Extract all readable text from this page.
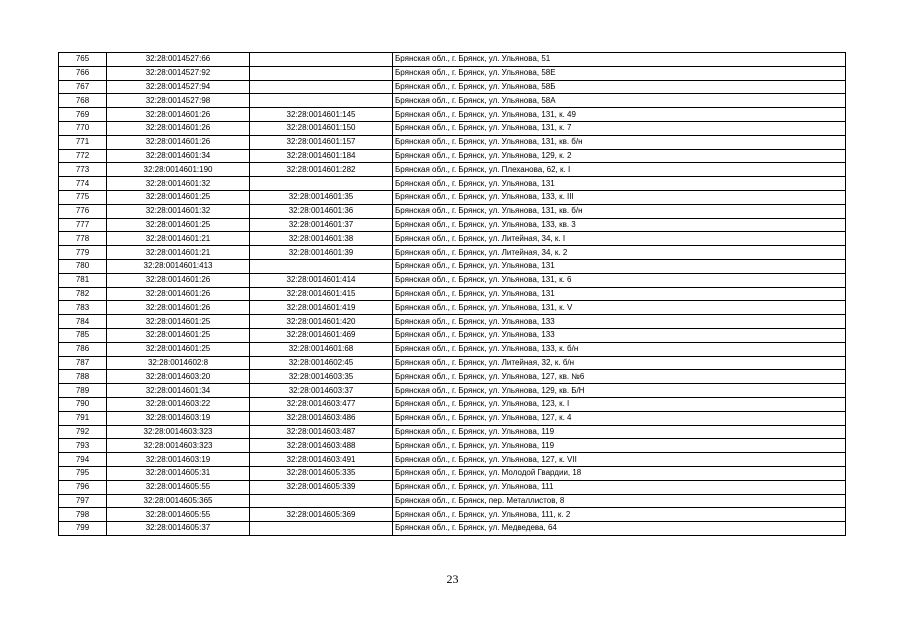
765	32:28:0014527:66		Брянская обл., г. Брянск, ул. Ульянова, 51
766	32:28:0014527:92		Брянская обл., г. Брянск, ул. Ульянова, 58Е
767	32:28:0014527:94		Брянская обл., г. Брянск, ул. Ульянова, 58Б
768	32:28:0014527:98		Брянская обл., г. Брянск, ул. Ульянова, 58А
769	32:28:0014601:26	32:28:0014601:145	Брянская обл., г. Брянск, ул. Ульянова, 131, к. 49
770	32:28:0014601:26	32:28:0014601:150	Брянская обл., г. Брянск, ул. Ульянова, 131, к. 7
771	32:28:0014601:26	32:28:0014601:157	Брянская обл., г. Брянск, ул. Ульянова, 131, кв. б/н
772	32:28:0014601:34	32:28:0014601:184	Брянская обл., г. Брянск, ул. Ульянова, 129, к. 2
773	32:28:0014601:190	32:28:0014601:282	Брянская обл., г. Брянск, ул. Плеханова, 62, к. I
774	32:28:0014601:32		Брянская обл., г. Брянск, ул. Ульянова, 131
775	32:28:0014601:25	32:28:0014601:35	Брянская обл., г. Брянск, ул. Ульянова, 133, к. III
776	32:28:0014601:32	32:28:0014601:36	Брянская обл., г. Брянск, ул. Ульянова, 131, кв. б/н
777	32:28:0014601:25	32:28:0014601:37	Брянская обл., г. Брянск, ул. Ульянова, 133, кв. 3
778	32:28:0014601:21	32:28:0014601:38	Брянская обл., г. Брянск, ул. Литейная, 34, к. I
779	32:28:0014601:21	32:28:0014601:39	Брянская обл., г. Брянск, ул. Литейная, 34, к. 2
780	32:28:0014601:413		Брянская обл., г. Брянск, ул. Ульянова, 131
781	32:28:0014601:26	32:28:0014601:414	Брянская обл., г. Брянск, ул. Ульянова, 131, к. 6
782	32:28:0014601:26	32:28:0014601:415	Брянская обл., г. Брянск, ул. Ульянова, 131
783	32:28:0014601:26	32:28:0014601:419	Брянская обл., г. Брянск, ул. Ульянова, 131, к. V
784	32:28:0014601:25	32:28:0014601:420	Брянская обл., г. Брянск, ул. Ульянова, 133
785	32:28:0014601:25	32:28:0014601:469	Брянская обл., г. Брянск, ул. Ульянова, 133
786	32:28:0014601:25	32:28:0014601:68	Брянская обл., г. Брянск, ул. Ульянова, 133, к. б/н
787	32:28:0014602:8	32:28:0014602:45	Брянская обл., г. Брянск, ул. Литейная, 32, к. б/н
788	32:28:0014603:20	32:28:0014603:35	Брянская обл., г. Брянск, ул. Ульянова, 127, кв. №6
789	32:28:0014601:34	32:28:0014603:37	Брянская обл., г. Брянск, ул. Ульянова, 129, кв. Б/Н
790	32:28:0014603:22	32:28:0014603:477	Брянская обл., г. Брянск, ул. Ульянова, 123, к. I
791	32:28:0014603:19	32:28:0014603:486	Брянская обл., г. Брянск, ул. Ульянова, 127, к. 4
792	32:28:0014603:323	32:28:0014603:487	Брянская обл., г. Брянск, ул. Ульянова, 119
793	32:28:0014603:323	32:28:0014603:488	Брянская обл., г. Брянск, ул. Ульянова, 119
794	32:28:0014603:19	32:28:0014603:491	Брянская обл., г. Брянск, ул. Ульянова, 127, к. VII
795	32:28:0014605:31	32:28:0014605:335	Брянская обл., г. Брянск, ул. Молодой Гвардии, 18
796	32:28:0014605:55	32:28:0014605:339	Брянская обл., г. Брянск, ул. Ульянова, 111
797	32:28:0014605:365		Брянская обл., г. Брянск, пер. Металлистов, 8
798	32:28:0014605:55	32:28:0014605:369	Брянская обл., г. Брянск, ул. Ульянова, 111, к. 2
799	32:28:0014605:37		Брянская обл., г. Брянск, ул. Медведева, 64
23
